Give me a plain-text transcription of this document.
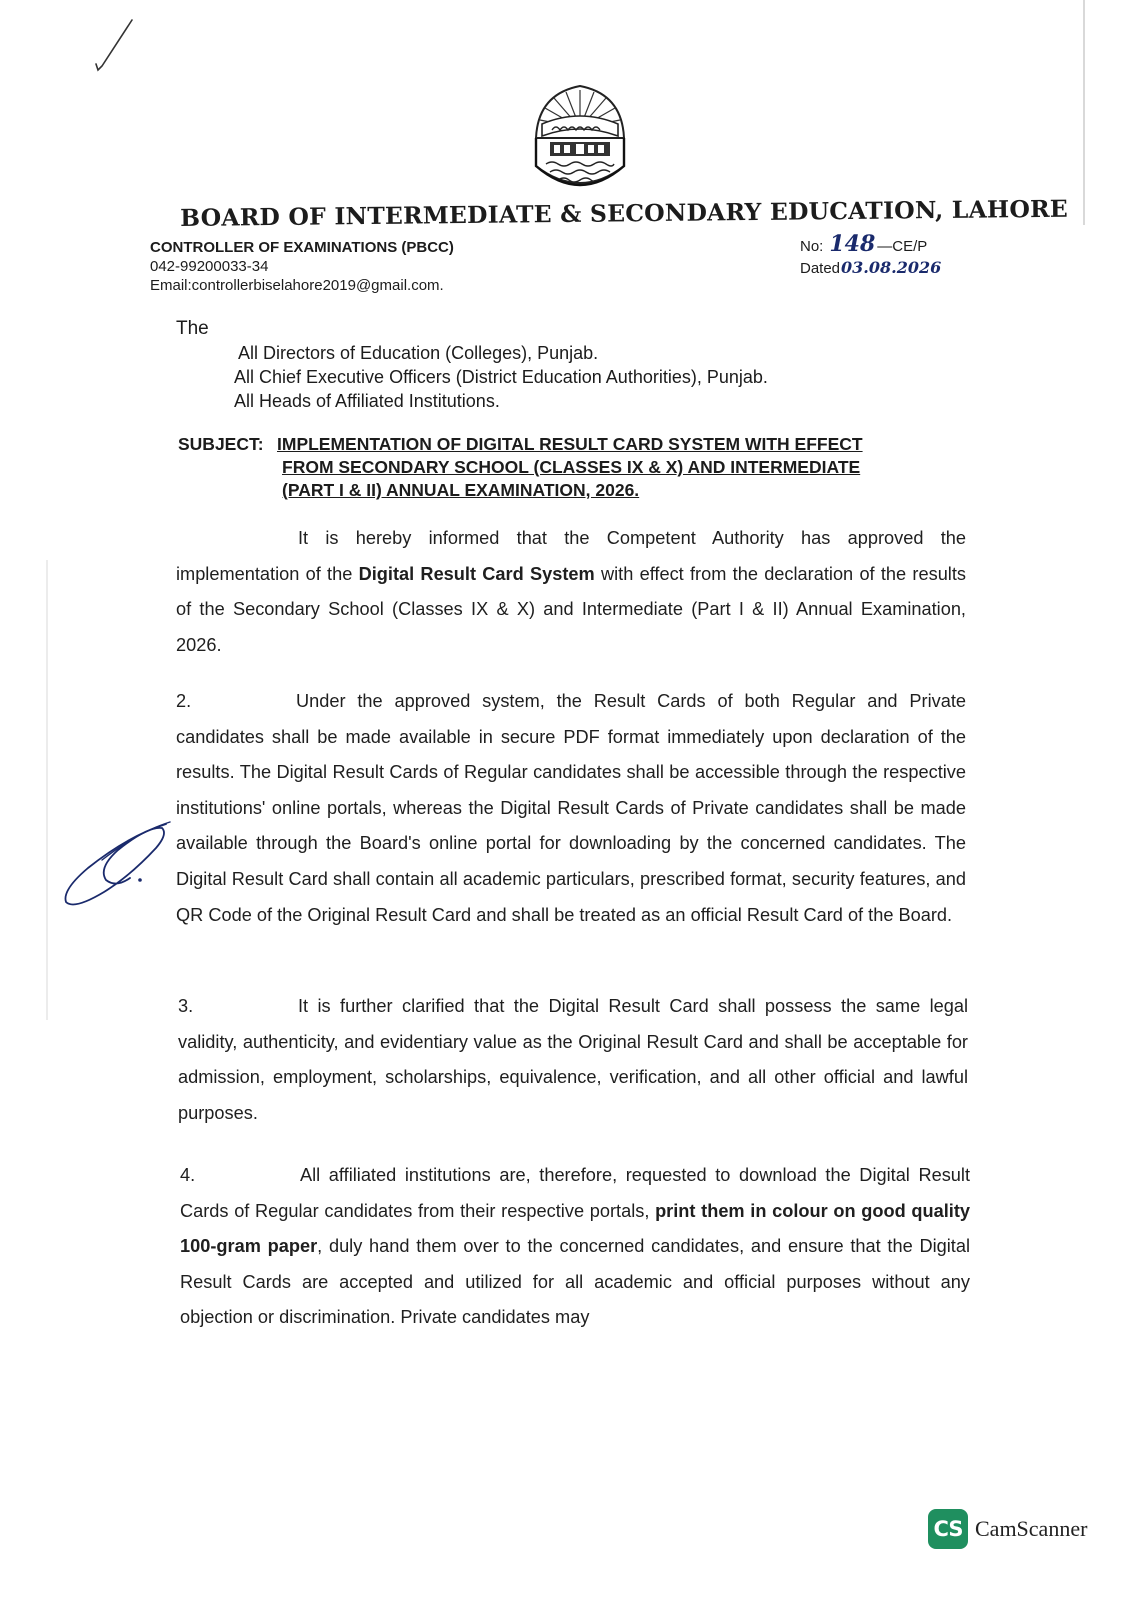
BOARD OF INTERMEDIATE & SECONDARY EDUCATION, LAHORE
CONTROLLER OF EXAMINATIONS (PBCC)
042-99200033-34
Email:controllerbiselahore2019@gmail.com.
No: 148 —CE/P
Dated03.08.2026
The
All Directors of Education (Colleges), Punjab.
All Chief Executive Officers (District Education Authorities), Punjab.
All Heads of Affiliated Institutions.
SUBJECT: IMPLEMENTATION OF DIGITAL RESULT CARD SYSTEM WITH EFFECT
FROM SECONDARY SCHOOL (CLASSES IX & X) AND INTERMEDIATE
(PART I & II) ANNUAL EXAMINATION, 2026.
It is hereby informed that the Competent Authority has approved the implementation of the Digital Result Card System with effect from the declaration of the results of the Secondary School (Classes IX & X) and Intermediate (Part I & II) Annual Examination, 2026.
2.	Under the approved system, the Result Cards of both Regular and Private candidates shall be made available in secure PDF format immediately upon declaration of the results. The Digital Result Cards of Regular candidates shall be accessible through the respective institutions' online portals, whereas the Digital Result Cards of Private candidates shall be made available through the Board's online portal for downloading by the concerned candidates. The Digital Result Card shall contain all academic particulars, prescribed format, security features, and QR Code of the Original Result Card and shall be treated as an official Result Card of the Board.
3.	It is further clarified that the Digital Result Card shall possess the same legal validity, authenticity, and evidentiary value as the Original Result Card and shall be acceptable for admission, employment, scholarships, equivalence, verification, and all other official and lawful purposes.
4.	All affiliated institutions are, therefore, requested to download the Digital Result Cards of Regular candidates from their respective portals, print them in colour on good quality 100-gram paper, duly hand them over to the concerned candidates, and ensure that the Digital Result Cards are accepted and utilized for all academic and official purposes without any objection or discrimination. Private candidates may
CS CamScanner
